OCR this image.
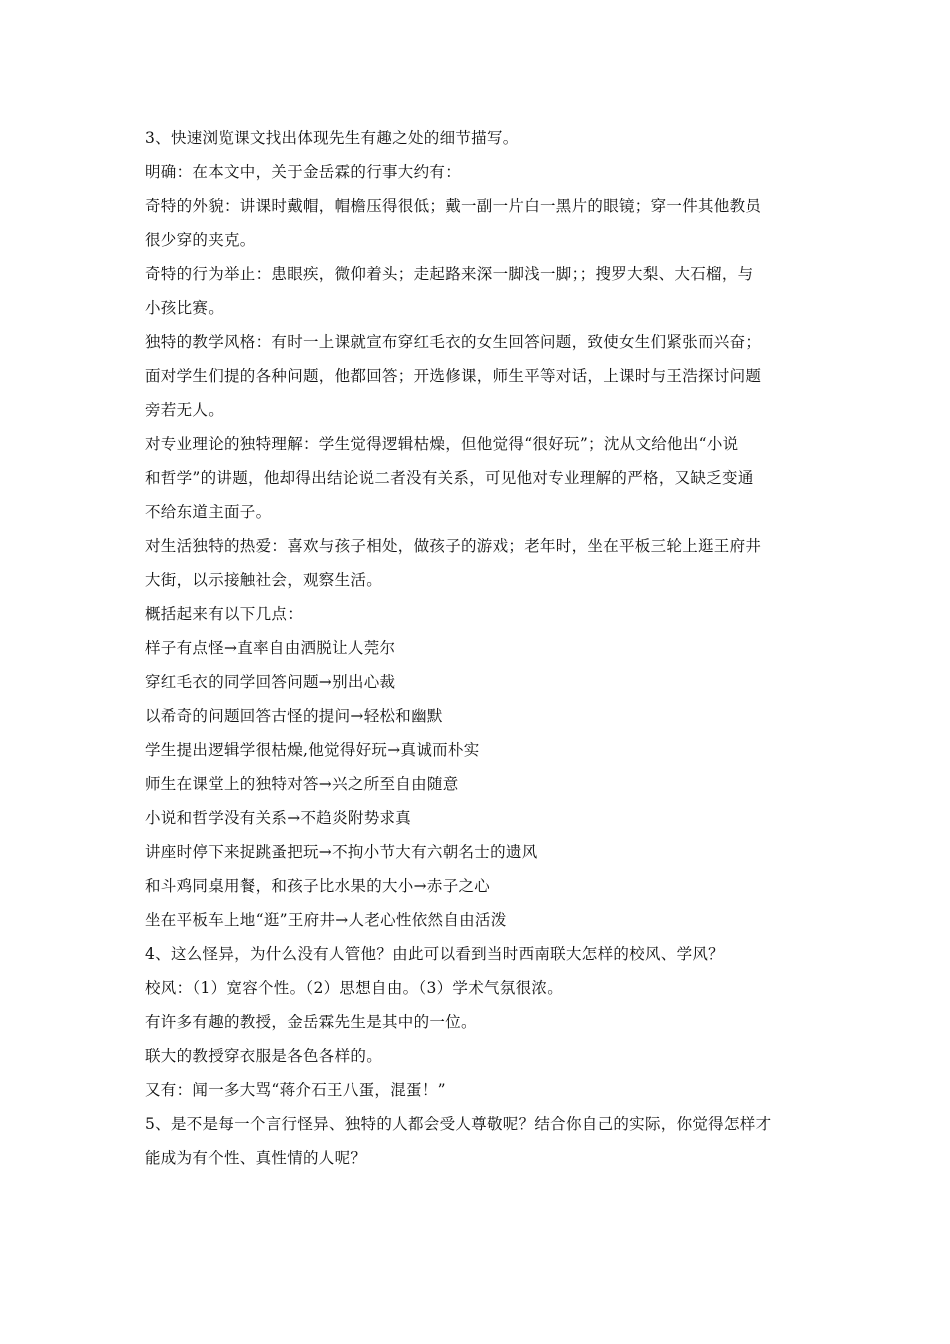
3、快速浏览课文找出体现先生有趣之处的细节描写。
明确：在本文中，关于金岳霖的行事大约有：
奇特的外貌：讲课时戴帽，帽檐压得很低；戴一副一片白一黑片的眼镜；穿一件其他教员
很少穿的夹克。
奇特的行为举止：患眼疾，微仰着头；走起路来深一脚浅一脚；；搜罗大梨、大石榴，与
小孩比赛。
独特的教学风格：有时一上课就宣布穿红毛衣的女生回答问题，致使女生们紧张而兴奋；
面对学生们提的各种问题，他都回答；开选修课，师生平等对话，上课时与王浩探讨问题
旁若无人。
对专业理论的独特理解：学生觉得逻辑枯燥，但他觉得“很好玩”；沈从文给他出“小说
和哲学”的讲题，他却得出结论说二者没有关系，可见他对专业理解的严格，又缺乏变通
不给东道主面子。
对生活独特的热爱：喜欢与孩子相处，做孩子的游戏；老年时，坐在平板三轮上逛王府井
大街，以示接触社会，观察生活。
概括起来有以下几点：
样子有点怪→直率自由洒脱让人莞尔
穿红毛衣的同学回答问题→别出心裁
以希奇的问题回答古怪的提问→轻松和幽默
学生提出逻辑学很枯燥,他觉得好玩→真诚而朴实
师生在课堂上的独特对答→兴之所至自由随意
小说和哲学没有关系→不趋炎附势求真
讲座时停下来捉跳蚤把玩→不拘小节大有六朝名士的遗风
和斗鸡同桌用餐，和孩子比水果的大小→赤子之心
坐在平板车上地“逛”王府井→人老心性依然自由活泼
4、这么怪异，为什么没有人管他？由此可以看到当时西南联大怎样的校风、学风？
校风：（1）宽容个性。（2）思想自由。（3）学术气氛很浓。
有许多有趣的教授，金岳霖先生是其中的一位。
联大的教授穿衣服是各色各样的。
又有：闻一多大骂“蒋介石王八蛋，混蛋！”
5、是不是每一个言行怪异、独特的人都会受人尊敬呢？结合你自己的实际，你觉得怎样才
能成为有个性、真性情的人呢？
